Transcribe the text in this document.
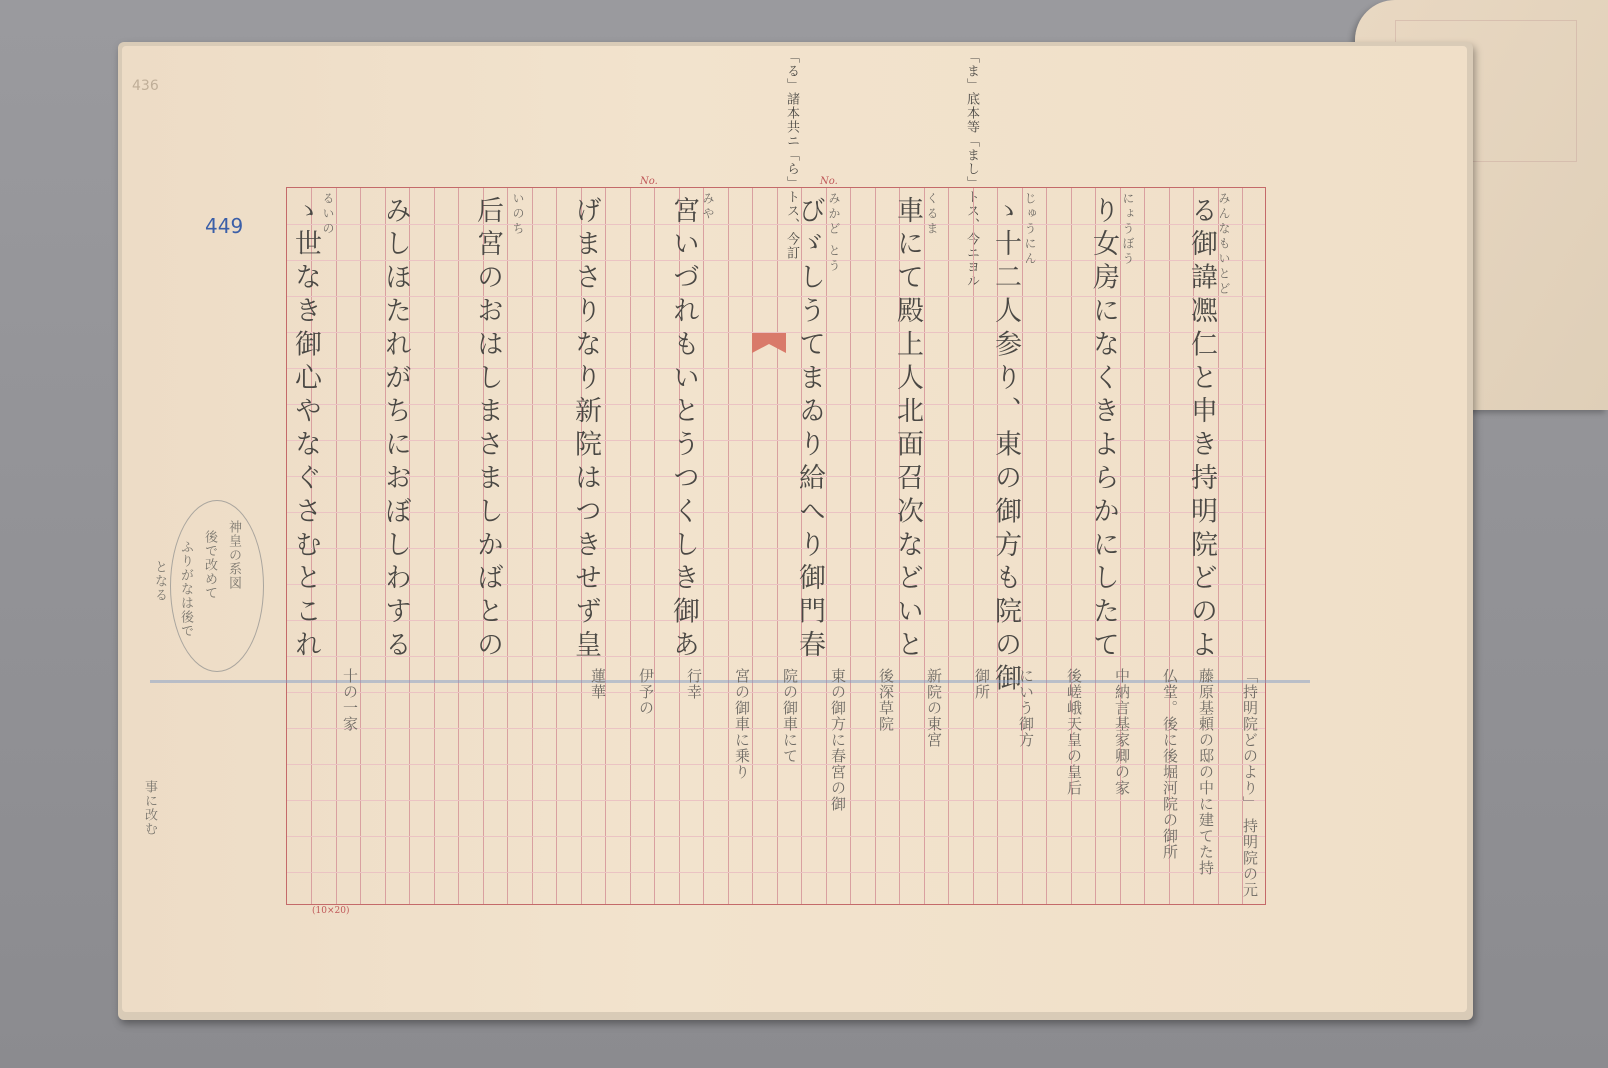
436
449	「ま」底本等「まし」トス、今ニヨル
「る」諸本共ニ「ら」トス、今訂
No.	No.
(10×20)
る御諱凞仁と申き持明院どのよ
り女房になくきよらかにしたて
ゝ十二人参り、東の御方も院の御
車にて殿上人北面召次などいと
びゞしうてまゐり給へり御門春
宮いづれもいとうつくしき御あ
げまさりなり新院はつきせず皇
后宮のおはしまさましかばとの
みしほたれがちにおぼしわする
ゝ世なき御心やなぐさむとこれ	みんなもいとど
にょうぼう
じゅうにん
くるま
みかど とう
みや
いのち
るいの
「持明院どのより」 持明院の元
藤原基頼の邸の中に建てた持
仏堂。後に後堀河院の御所
中納言基家卿の家
後嵯峨天皇の皇后
にいう御方
御所
新院の東宮
後深草院
東の御方に春宮の御
院の御車にて
宮の御車に乗り
行幸
伊予の
蓮華
十の一家
神皇の系図
後で改めて
ふりがなは後で
となる
事に改む
